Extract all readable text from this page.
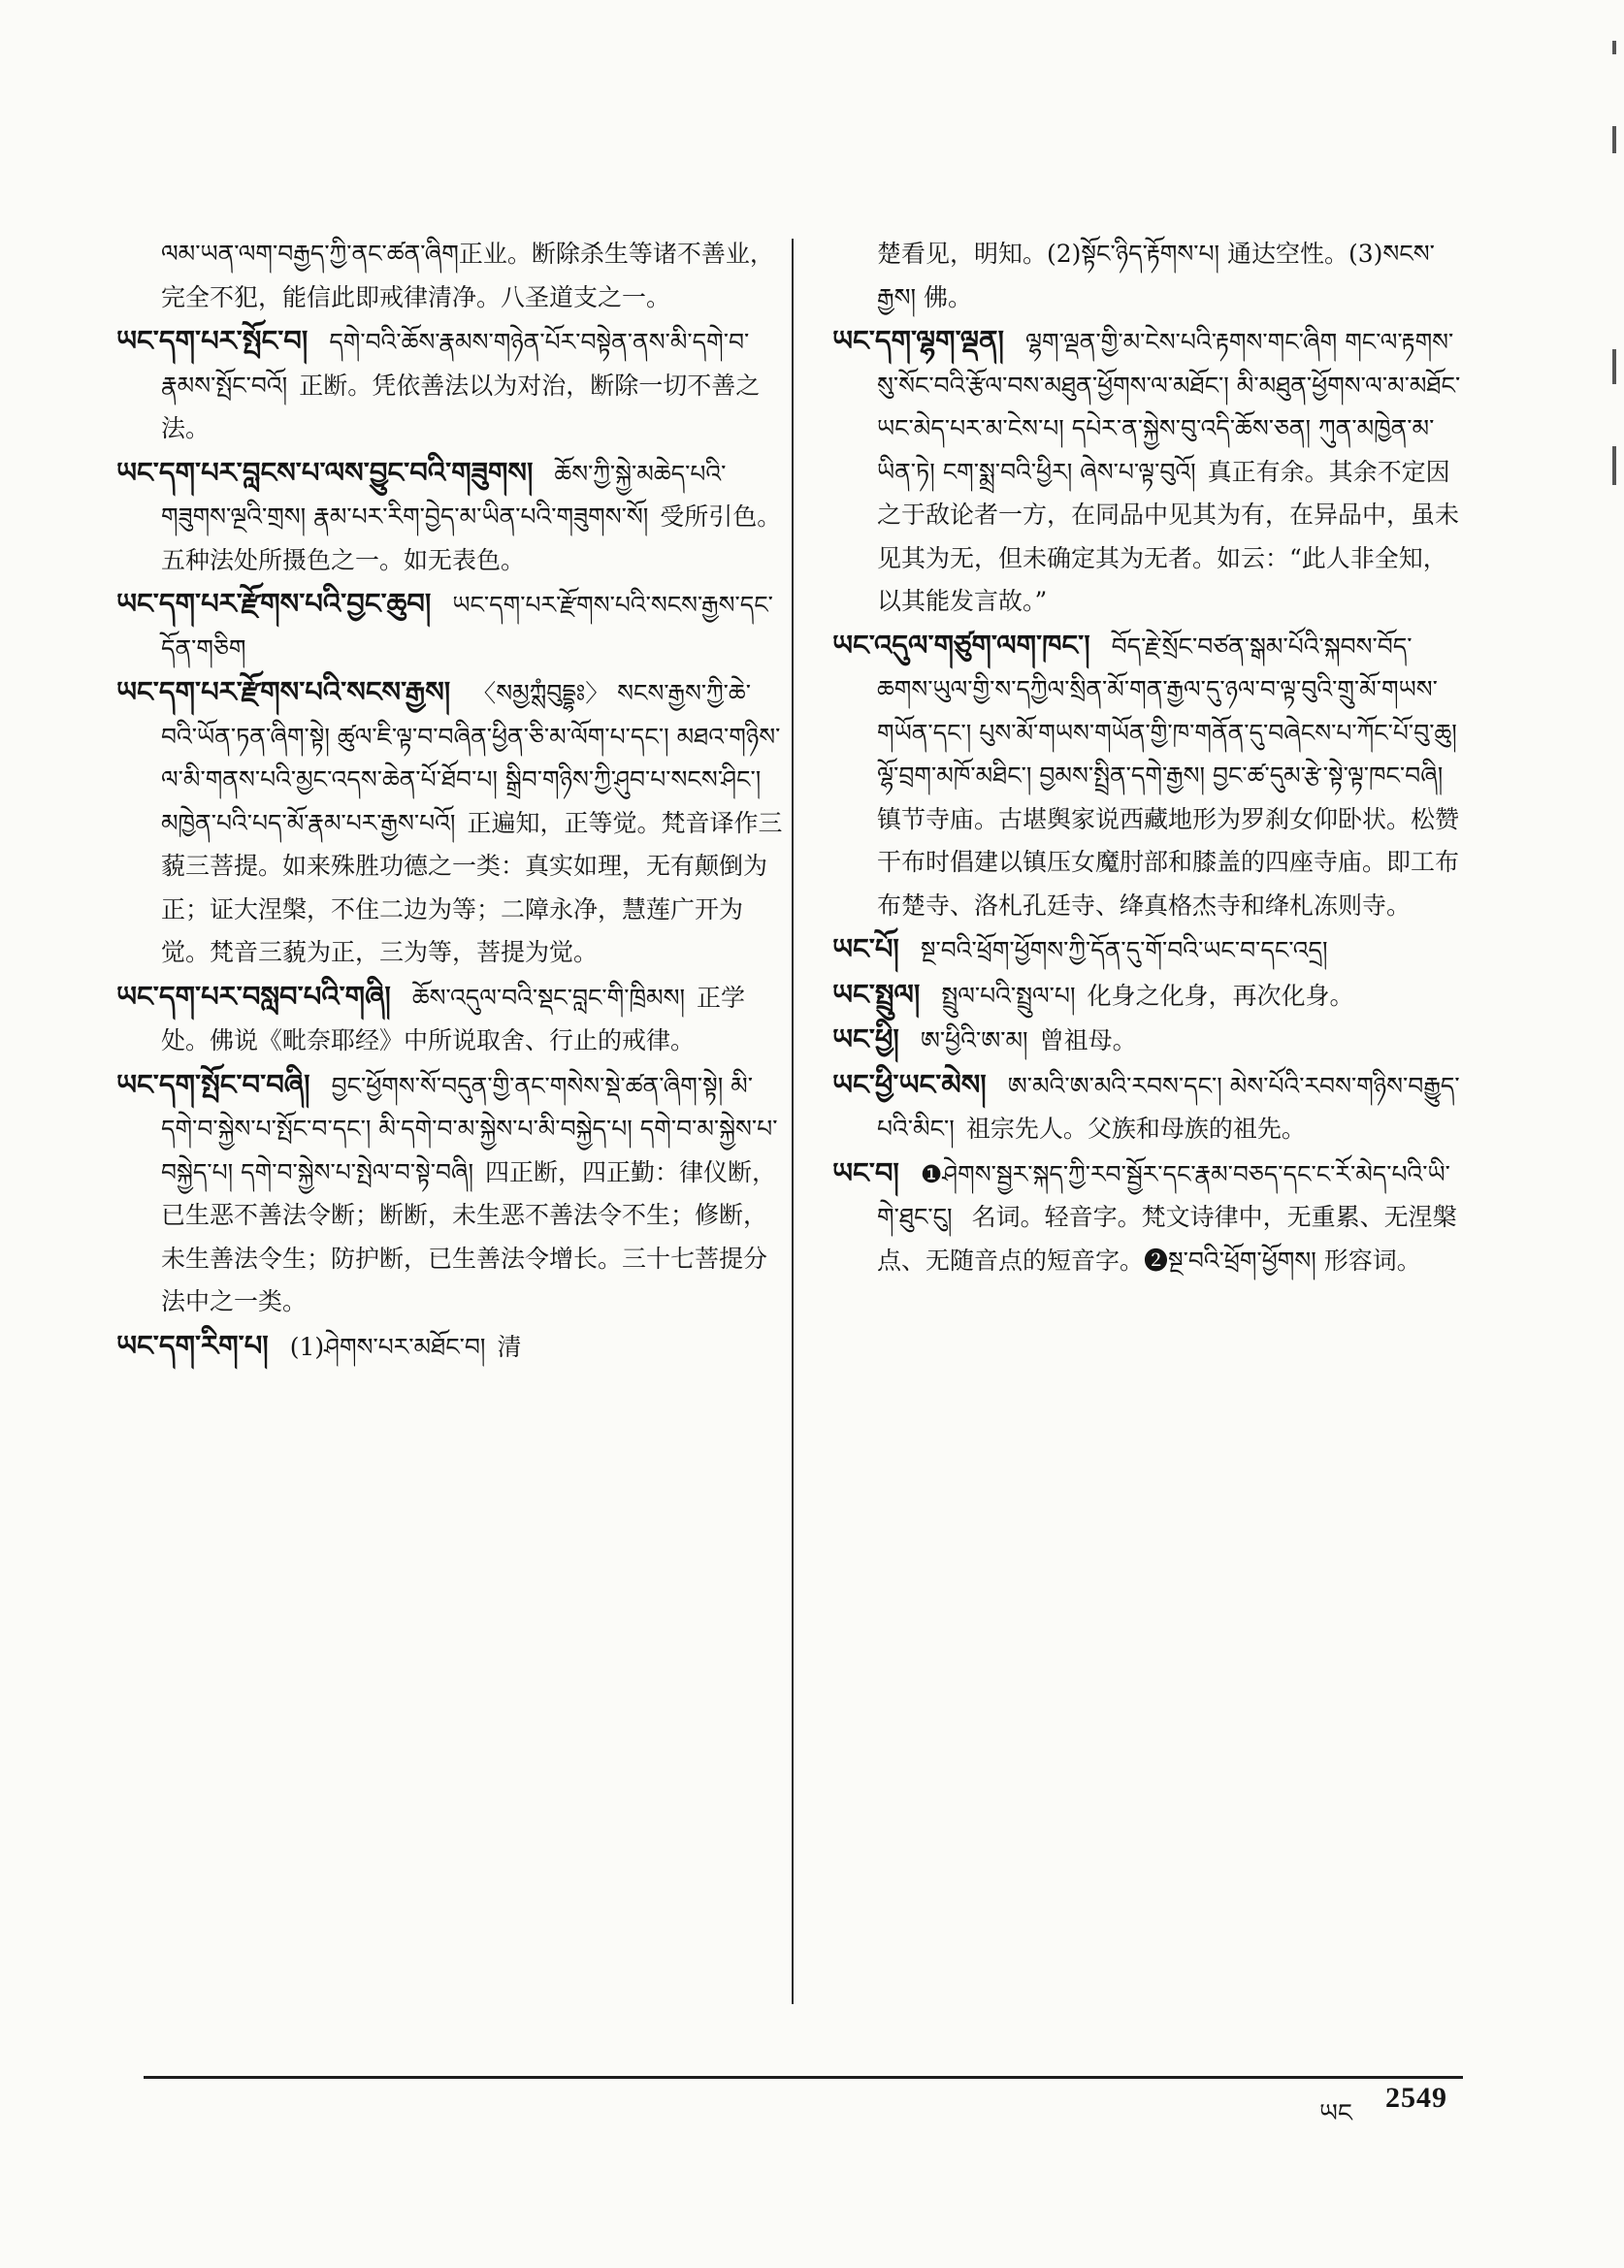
ལམ་ཡན་ལག་བརྒྱད་ཀྱི་ནང་ཚན་ཞིག正业。断除杀生等诸不善业，完全不犯，能信此即戒律清净。八圣道支之一。

ཡང་དག་པར་སྤོང་བ། དགེ་བའི་ཆོས་རྣམས་གཉེན་པོར་བསྟེན་ནས་མི་དགེ་བ་རྣམས་སྤོང་བའོ། 正断。凭依善法以为对治，断除一切不善之法。

ཡང་དག་པར་བླངས་པ་ལས་བྱུང་བའི་གཟུགས། ཆོས་ཀྱི་སྐྱེ་མཆེད་པའི་གཟུགས་ལྔའི་གྲས། རྣམ་པར་རིག་བྱེད་མ་ཡིན་པའི་གཟུགས་སོ། 受所引色。五种法处所摄色之一。如无表色。

ཡང་དག་པར་རྫོགས་པའི་བྱང་ཆུབ། ཡང་དག་པར་རྫོགས་པའི་སངས་རྒྱས་དང་དོན་གཅིག

ཡང་དག་པར་རྫོགས་པའི་སངས་རྒྱས། 〈སམྱཀྶཾབུདྡྷཿ〉 སངས་རྒྱས་ཀྱི་ཆེ་བའི་ཡོན་ཏན་ཞིག་སྟེ། ཚུལ་ཇི་ལྟ་བ་བཞིན་ཕྱིན་ཅི་མ་ལོག་པ་དང་། མཐའ་གཉིས་ལ་མི་གནས་པའི་མྱང་འདས་ཆེན་པོ་ཐོབ་པ། སྒྲིབ་གཉིས་ཀྱི་ཤུབ་པ་སངས་ཤིང་། མཁྱེན་པའི་པད་མོ་རྣམ་པར་རྒྱས་པའོ། 正遍知，正等觉。梵音译作三藐三菩提。如来殊胜功德之一类：真实如理，无有颠倒为正；证大涅槃，不住二边为等；二障永净，慧莲广开为觉。梵音三藐为正，三为等，菩提为觉。

ཡང་དག་པར་བསླབ་པའི་གཞི། ཆོས་འདུལ་བའི་སྡང་བླང་གི་ཁྲིམས། 正学处。佛说《毗奈耶经》中所说取舍、行止的戒律。

ཡང་དག་སྤོང་བ་བཞི། བྱང་ཕྱོགས་སོ་བདུན་གྱི་ནང་གསེས་སྡེ་ཚན་ཞིག་སྟེ། མི་དགེ་བ་སྐྱེས་པ་སྤོང་བ་དང་། མི་དགེ་བ་མ་སྐྱེས་པ་མི་བསྐྱེད་པ། དགེ་བ་མ་སྐྱེས་པ་བསྐྱེད་པ། དགེ་བ་སྐྱེས་པ་སྤེལ་བ་སྟེ་བཞི། 四正断，四正勤：律仪断，已生恶不善法令断；断断，未生恶不善法令不生；修断，未生善法令生；防护断，已生善法令增长。三十七菩提分法中之一类。

ཡང་དག་རིག་པ། (1)ཤེགས་པར་མཐོང་བ། 清

楚看见，明知。(2)སྟོང་ཉིད་རྟོགས་པ། 通达空性。(3)སངས་རྒྱས། 佛。

ཡང་དག་ལྷག་ལྡན། ལྷག་ལྡན་གྱི་མ་ངེས་པའི་རྟགས་གང་ཞིག གང་ལ་རྟགས་སུ་སོང་བའི་རྩོལ་བས་མཐུན་ཕྱོགས་ལ་མཐོང་། མི་མཐུན་ཕྱོགས་ལ་མ་མཐོང་ཡང་མེད་པར་མ་ངེས་པ། དཔེར་ན་སྐྱེས་བུ་འདི་ཆོས་ཅན། ཀུན་མཁྱེན་མ་ཡིན་ཏེ། ངག་སྨྲ་བའི་ཕྱིར། ཞེས་པ་ལྟ་བུའོ། 真正有余。其余不定因之于敌论者一方，在同品中见其为有，在异品中，虽未见其为无，但未确定其为无者。如云：“此人非全知，以其能发言故。”

ཡང་འདུལ་གཙུག་ལག་ཁང་། བོད་རྗེ་སྲོང་བཙན་སྒམ་པོའི་སྐབས་བོད་ཆགས་ཡུལ་གྱི་ས་དཀྱིལ་སྲིན་མོ་གན་རྒྱལ་དུ་ཉལ་བ་ལྟ་བུའི་གྲུ་མོ་གཡས་གཡོན་དང་། པུས་མོ་གཡས་གཡོན་གྱི་ཁ་གནོན་དུ་བཞེངས་པ་ཀོང་པོ་བུ་ཆུ། ལྷོ་བྲག་མཁོ་མཐིང་། བྱམས་སྤྲིན་དགེ་རྒྱས། བྱང་ཚ་དུམ་རྩེ་སྟེ་ལྟ་ཁང་བཞི།镇节寺庙。古堪舆家说西藏地形为罗刹女仰卧状。松赞干布时倡建以镇压女魔肘部和膝盖的四座寺庙。即工布布楚寺、洛札孔廷寺、绛真格杰寺和绛札冻则寺。

ཡང་པོ། སྔ་བའི་ཕྲོག་ཕྱོགས་ཀྱི་དོན་དུ་གོ་བའི་ཡང་བ་དང་འདྲ།

ཡང་སྤྲུལ། སྤྲུལ་པའི་སྤྲུལ་པ། 化身之化身，再次化身。

ཡང་ཕྱི། ཨ་ཕྱིའི་ཨ་མ། 曾祖母。

ཡང་ཕྱི་ཡང་མེས། ཨ་མའི་ཨ་མའི་རབས་དང་། མེས་པོའི་རབས་གཉིས་བརྒྱུད་པའི་མིང་། 祖宗先人。父族和母族的祖先。

ཡང་བ། ❶ཤེགས་སྦྱར་སྐད་ཀྱི་རབ་སྦྱོར་དང་རྣམ་བཅད་དང་ང་རོ་མེད་པའི་ཡི་གེ་ཐུང་ངུ། 名词。轻音字。梵文诗律中，无重累、无涅槃点、无随音点的短音字。❷སྔ་བའི་ཕྲོག་ཕྱོགས། 形容词。

ཡང 2549
